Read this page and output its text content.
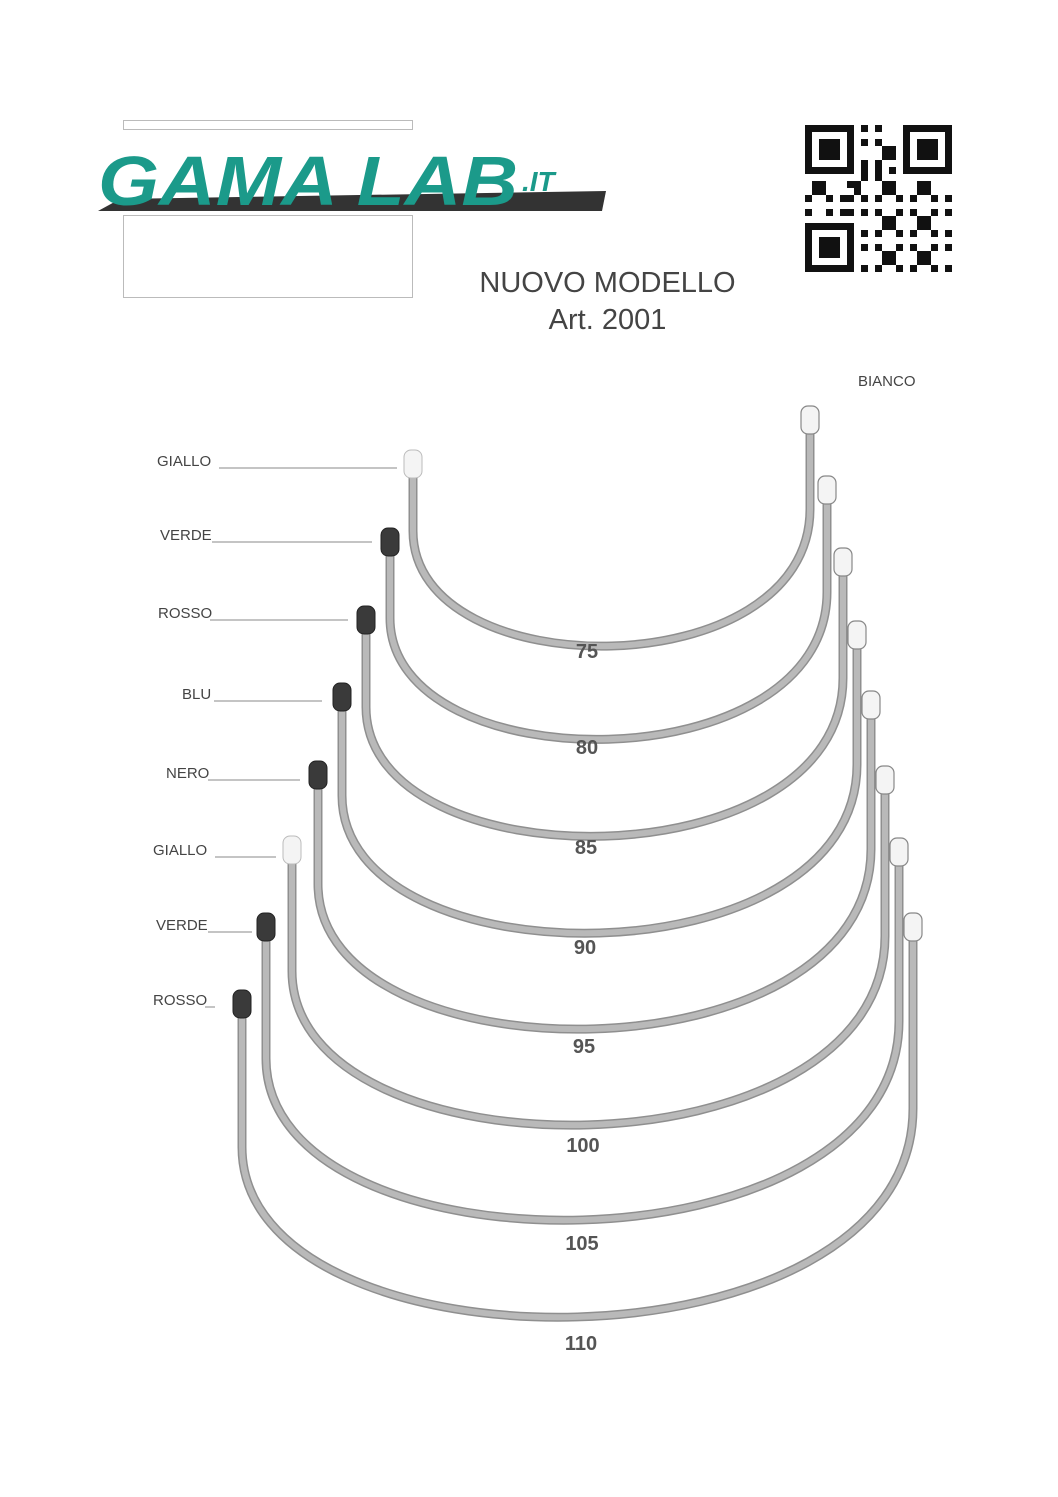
GAMA LAB .IT
NUOVO MODELLO
Art. 2001
BIANCO
GIALLO
75
VERDE
80
ROSSO
85
BLU
90
NERO
95
GIALLO
100
VERDE
105
ROSSO
110
